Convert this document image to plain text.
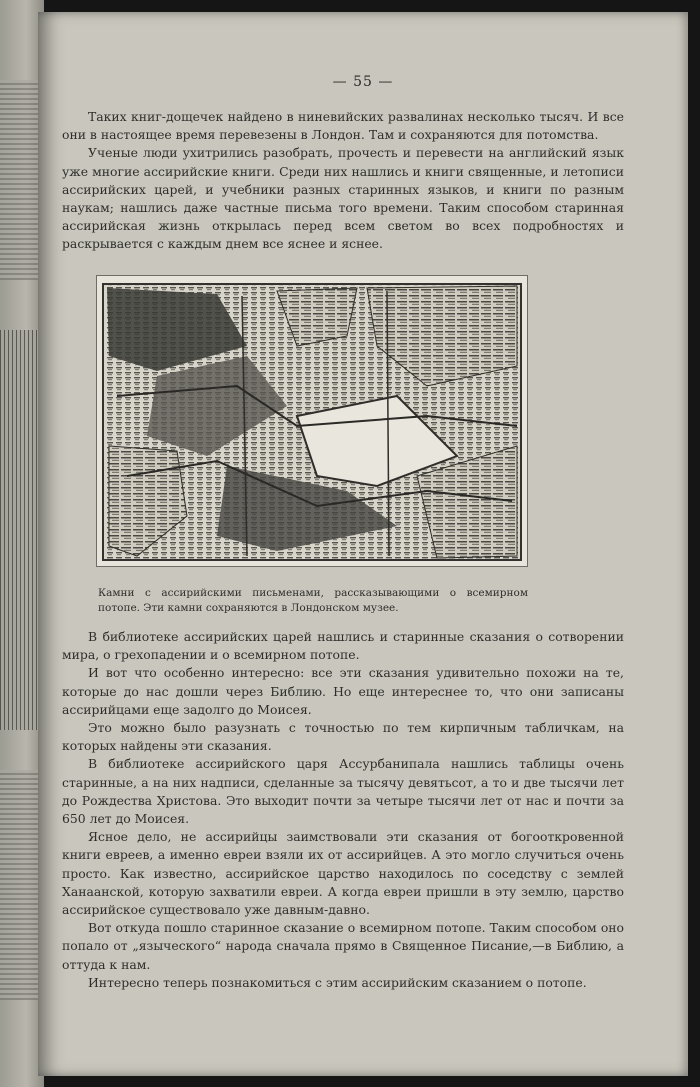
— 55 —

Таких книг-дощечек найдено в ниневийских развалинах несколько тысяч. И все они в настоящее время перевезены в Лондон. Там и сохраняются для потомства.

Ученые люди ухитрились разобрать, прочесть и перевести на английский язык уже многие ассирийские книги. Среди них нашлись и книги священные, и летописи ассирийских царей, и учебники разных старинных языков, и книги по разным наукам; нашлись даже частные письма того времени. Таким способом старинная ассирийская жизнь открылась перед всем светом во всех подробностях и раскрывается с каждым днем все яснее и яснее.

Камни с ассирийскими письменами, рассказывающими о всемирном потопе. Эти камни сохраняются в Лондонском музее.

В библиотеке ассирийских царей нашлись и старинные сказания о сотворении мира, о грехопадении и о всемирном потопе.

И вот что особенно интересно: все эти сказания удивительно похожи на те, которые до нас дошли через Библию. Но еще интереснее то, что они записаны ассирийцами еще задолго до Моисея.

Это можно было разузнать с точностью по тем кирпичным табличкам, на которых найдены эти сказания.

В библиотеке ассирийского царя Ассурбанипала нашлись таблицы очень старинные, а на них надписи, сделанные за тысячу девятьсот, а то и две тысячи лет до Рождества Христова. Это выходит почти за четыре тысячи лет от нас и почти за 650 лет до Моисея.

Ясное дело, не ассирийцы заимствовали эти сказания от богооткровенной книги евреев, а именно евреи взяли их от ассирийцев. А это могло случиться очень просто. Как известно, ассирийское царство находилось по соседству с землей Ханаанской, которую захватили евреи. А когда евреи пришли в эту землю, царство ассирийское существовало уже давным-давно.

Вот откуда пошло старинное сказание о всемирном потопе. Таким способом оно попало от „языческого“ народа сначала прямо в Священное Писание,—в Библию, а оттуда к нам.

Интересно теперь познакомиться с этим ассирийским сказанием о потопе.
